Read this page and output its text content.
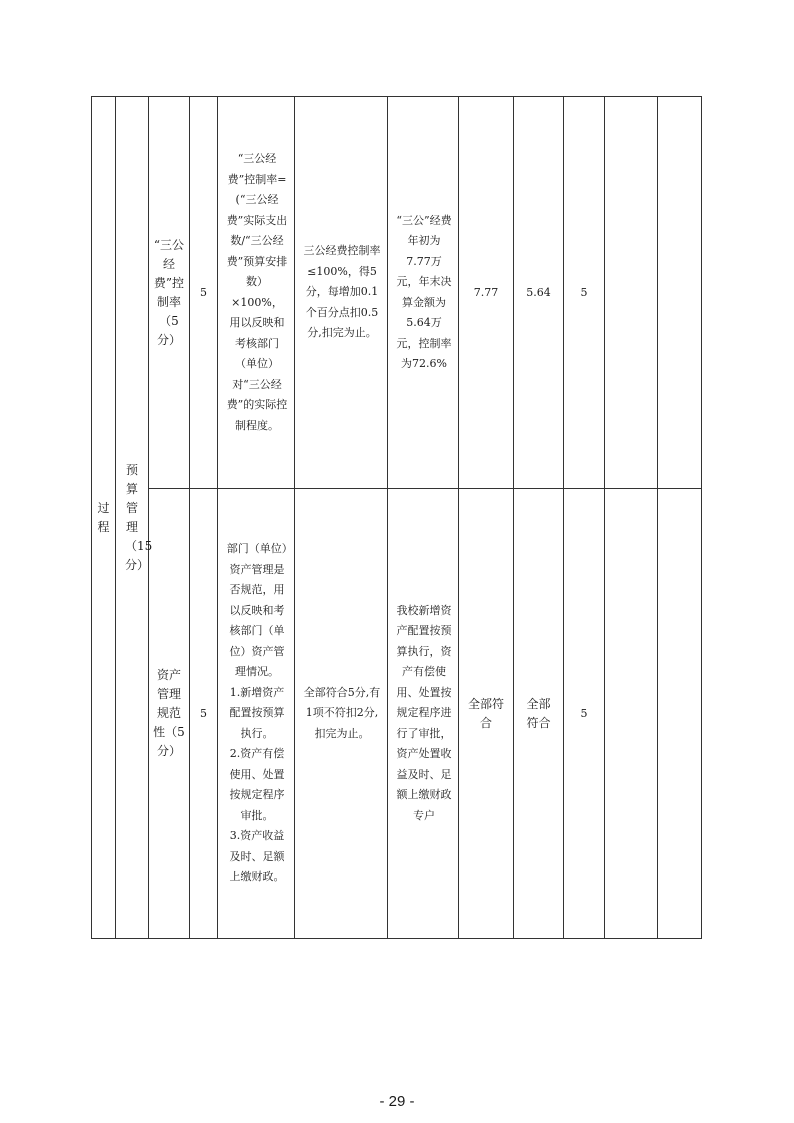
过程	预算管理（15分）	“三公经费”控制率（5分）	5	“三公经费”控制率=(“三公经费”实际支出数/“三公经费”预算安排数）×100%，用以反映和考核部门（单位）对“三公经费”的实际控制程度。	三公经费控制率 ≤100%，得5分，每增加0.1个百分点扣0.5分,扣完为止。	“三公”经费年初为7.77万元，年末决算金额为5.64万元，控制率为72.6%	7.77	5.64	5		

		资产管理规范性（5分）	5	部门（单位）资产管理是否规范，用以反映和考核部门（单位）资产管理情况。
1.新增资产配置按预算执行。
2.资产有偿使用、处置按规定程序审批。
3.资产收益及时、足额上缴财政。	全部符合5分,有1项不符扣2分,扣完为止。	我校新增资产配置按预算执行，资产有偿使用、处置按规定程序进行了审批，资产处置收益及时、足额上缴财政专户	全部符合	全部符合	5		
- 29 -
